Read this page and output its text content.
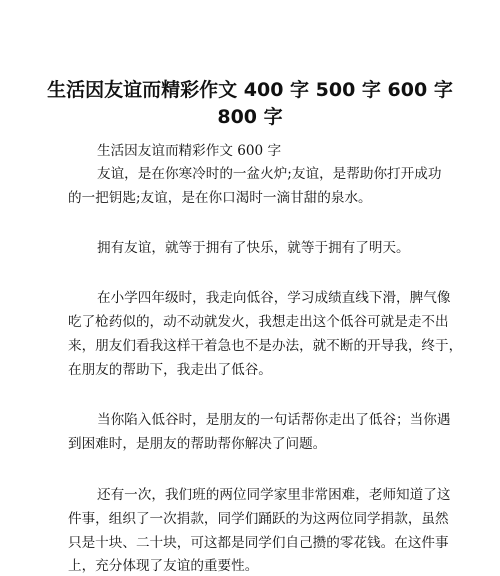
生活因友谊而精彩作文 400 字 500 字 600 字
800 字

生活因友谊而精彩作文 600 字

友谊，是在你寒冷时的一盆火炉;友谊，是帮助你打开成功

的一把钥匙;友谊，是在你口渴时一滴甘甜的泉水。

拥有友谊，就等于拥有了快乐，就等于拥有了明天。

在小学四年级时，我走向低谷，学习成绩直线下滑，脾气像

吃了枪药似的，动不动就发火，我想走出这个低谷可就是走不出

来，朋友们看我这样干着急也不是办法，就不断的开导我，终于，

在朋友的帮助下，我走出了低谷。

当你陷入低谷时，是朋友的一句话帮你走出了低谷；当你遇

到困难时，是朋友的帮助帮你解决了问题。

还有一次，我们班的两位同学家里非常困难，老师知道了这

件事，组织了一次捐款，同学们踊跃的为这两位同学捐款，虽然

只是十块、二十块，可这都是同学们自己攒的零花钱。在这件事

上，充分体现了友谊的重要性。
